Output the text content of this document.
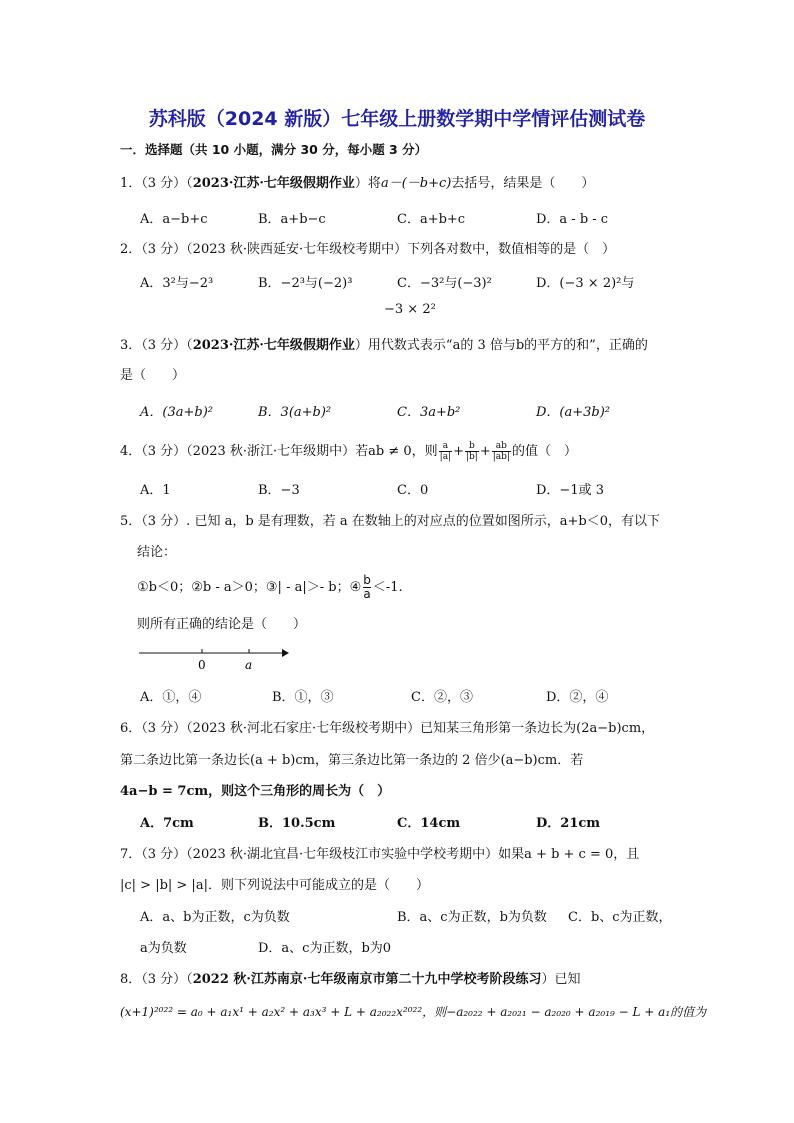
苏科版（2024 新版）七年级上册数学期中学情评估测试卷
一．选择题（共 10 小题，满分 30 分，每小题 3 分）
1．（3 分）（2023·江苏·七年级假期作业）将a－(－b+c)去括号，结果是（　　）
A．a−b+c	B．a+b−c	C．a+b+c	D．a - b - c
2．（3 分）（2023 秋·陕西延安·七年级校考期中）下列各对数中，数值相等的是（　）
A．3²与−2³	B．−2³与(−2)³	C．−3²与(−3)²	D．(−3 × 2)²与
−3 × 2²
3．（3 分）（2023·江苏·七年级假期作业）用代数式表示“a的 3 倍与b的平方的和”，正确的
是（　　）
A．(3a+b)²	B．3(a+b)²	C．3a+b²	D．(a+3b)²
4．（3 分）（2023 秋·浙江·七年级期中）若ab ≠ 0，则 $\frac{a}{|a|} + \frac{b}{|b|} + \frac{ab}{|ab|}$ 的值（　）
A．1	B．−3	C．0	D．−1或 3
5．（3 分）. 已知 a，b 是有理数，若 a 在数轴上的对应点的位置如图所示，a+b＜0，有以下
结论：
①b＜0；②b - a＞0；③| - a|＞- b；④ $\frac{b}{a} <-1$.
则所有正确的结论是（　　）
0	a
A．①，④	B．①，③	C．②，③	D．②，④
6．（3 分）（2023 秋·河北石家庄·七年级校考期中）已知某三角形第一条边长为(2a−b)cm，
第二条边比第一条边长(a + b)cm，第三条边比第一条边的 2 倍少(a−b)cm．若
4a−b = 7cm，则这个三角形的周长为（　）
A．7cm	B．10.5cm	C．14cm	D．21cm
7．（3 分）（2023 秋·湖北宜昌·七年级枝江市实验中学校考期中）如果a + b + c = 0，且
|c| > |b| > |a|．则下列说法中可能成立的是（　　）
A．a、b为正数，c为负数	B．a、c为正数，b为负数 C．b、c为正数，
a为负数	D．a、c为正数，b为0
8．（3 分）（2022 秋·江苏南京·七年级南京市第二十九中学校考阶段练习）已知
(x+1)²⁰²² = a₀ + a₁x¹ + a₂x² + a₃x³ + L + a₂₀₂₂x²⁰²²，则−a₂₀₂₂ + a₂₀₂₁ − a₂₀₂₀ + a₂₀₁₉ − L + a₁的值为
